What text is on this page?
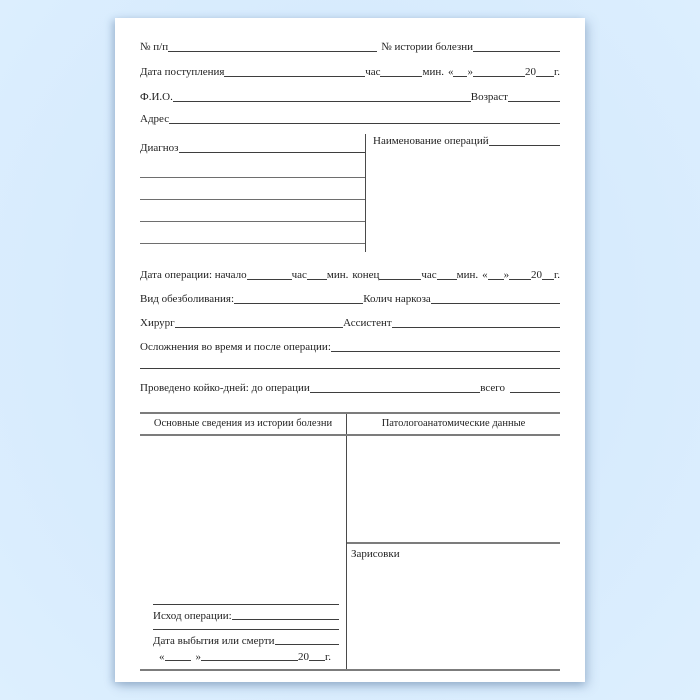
№ п/п	№ истории болезни
Дата поступления	час	мин. « »	20 г.
Ф.И.О.	Возраст
Адрес
Диагноз
Наименование операций
Дата операции: начало	час мин. конец	час мин. « » 20 г.
Вид обезболивания:	Колич наркоза
Хирург	Ассистент
Осложнения во время и после операции:
Проведено койко-дней: до операции	всего
Основные сведения из истории болезни	Патологоанатомические данные
Исход операции:
Дата выбытия или смерти
«	»	20 г.
Зарисовки
